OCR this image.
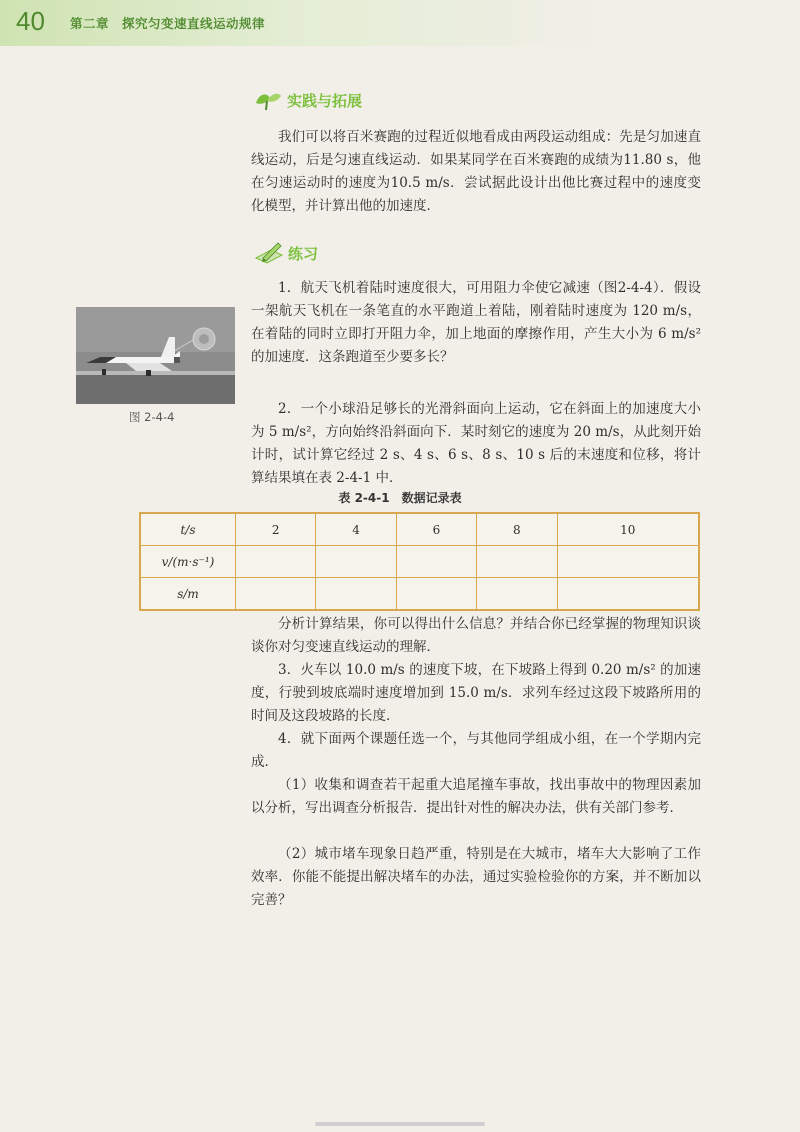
40 第二章　探究匀变速直线运动规律
实践与拓展

我们可以将百米赛跑的过程近似地看成由两段运动组成：先是匀加速直线运动，后是匀速直线运动．如果某同学在百米赛跑的成绩为11.80 s，他在匀速运动时的速度为10.5 m/s．尝试据此设计出他比赛过程中的速度变化模型，并计算出他的加速度．

练习

1．航天飞机着陆时速度很大，可用阻力伞使它减速（图2-4-4）．假设一架航天飞机在一条笔直的水平跑道上着陆，刚着陆时速度为 120 m/s，在着陆的同时立即打开阻力伞，加上地面的摩擦作用，产生大小为 6 m/s² 的加速度．这条跑道至少要多长？

2．一个小球沿足够长的光滑斜面向上运动，它在斜面上的加速度大小为 5 m/s²，方向始终沿斜面向下．某时刻它的速度为 20 m/s，从此刻开始计时，试计算它经过 2 s、4 s、6 s、8 s、10 s 后的末速度和位移，将计算结果填在表 2-4-1 中．

图 2-4-4
表 2-4-1　数据记录表
t/s	2	4	6	8	10
v/(m·s⁻¹)					
s/m					

分析计算结果，你可以得出什么信息？并结合你已经掌握的物理知识谈谈你对匀变速直线运动的理解．

3．火车以 10.0 m/s 的速度下坡，在下坡路上得到 0.20 m/s² 的加速度，行驶到坡底端时速度增加到 15.0 m/s．求列车经过这段下坡路所用的时间及这段坡路的长度．

4．就下面两个课题任选一个，与其他同学组成小组，在一个学期内完成．

（1）收集和调查若干起重大追尾撞车事故，找出事故中的物理因素加以分析，写出调查分析报告．提出针对性的解决办法，供有关部门参考．

（2）城市堵车现象日趋严重，特别是在大城市，堵车大大影响了工作效率．你能不能提出解决堵车的办法，通过实验检验你的方案，并不断加以完善？
